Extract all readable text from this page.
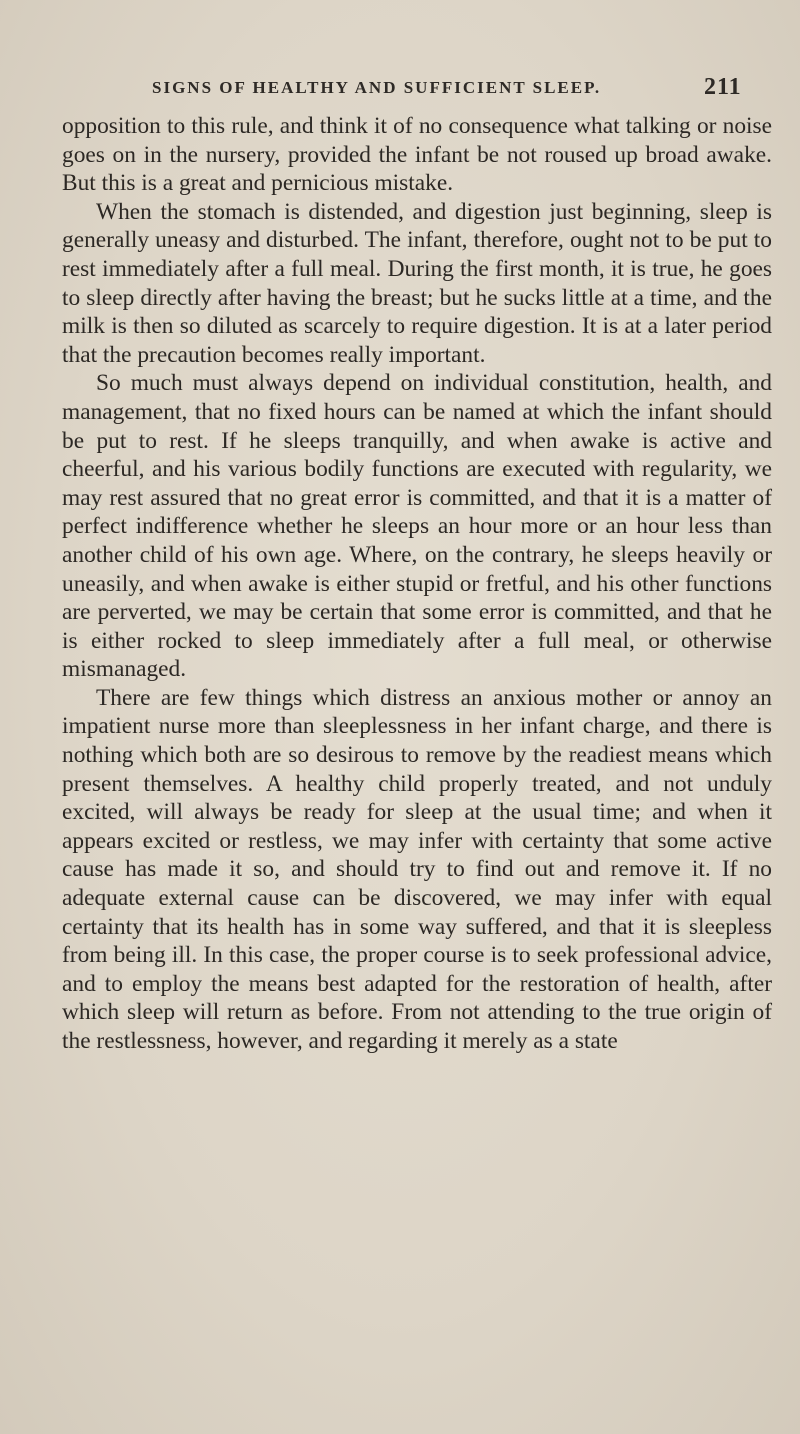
SIGNS OF HEALTHY AND SUFFICIENT SLEEP.	211

opposition to this rule, and think it of no consequence what talking or noise goes on in the nursery, provided the infant be not roused up broad awake. But this is a great and pernicious mistake.

When the stomach is distended, and digestion just beginning, sleep is generally uneasy and disturbed. The infant, therefore, ought not to be put to rest immediately after a full meal. During the first month, it is true, he goes to sleep directly after having the breast; but he sucks little at a time, and the milk is then so diluted as scarcely to require digestion. It is at a later period that the precaution becomes really important.

So much must always depend on individual constitution, health, and management, that no fixed hours can be named at which the infant should be put to rest. If he sleeps tranquilly, and when awake is active and cheerful, and his various bodily functions are executed with regularity, we may rest assured that no great error is committed, and that it is a matter of perfect indifference whether he sleeps an hour more or an hour less than another child of his own age. Where, on the contrary, he sleeps heavily or uneasily, and when awake is either stupid or fretful, and his other functions are perverted, we may be certain that some error is committed, and that he is either rocked to sleep immediately after a full meal, or otherwise mismanaged.

There are few things which distress an anxious mother or annoy an impatient nurse more than sleeplessness in her infant charge, and there is nothing which both are so desirous to remove by the readiest means which present themselves. A healthy child properly treated, and not unduly excited, will always be ready for sleep at the usual time; and when it appears excited or restless, we may infer with certainty that some active cause has made it so, and should try to find out and remove it. If no adequate external cause can be discovered, we may infer with equal certainty that its health has in some way suffered, and that it is sleepless from being ill. In this case, the proper course is to seek professional advice, and to employ the means best adapted for the restoration of health, after which sleep will return as before. From not attending to the true origin of the restlessness, however, and regarding it merely as a state
